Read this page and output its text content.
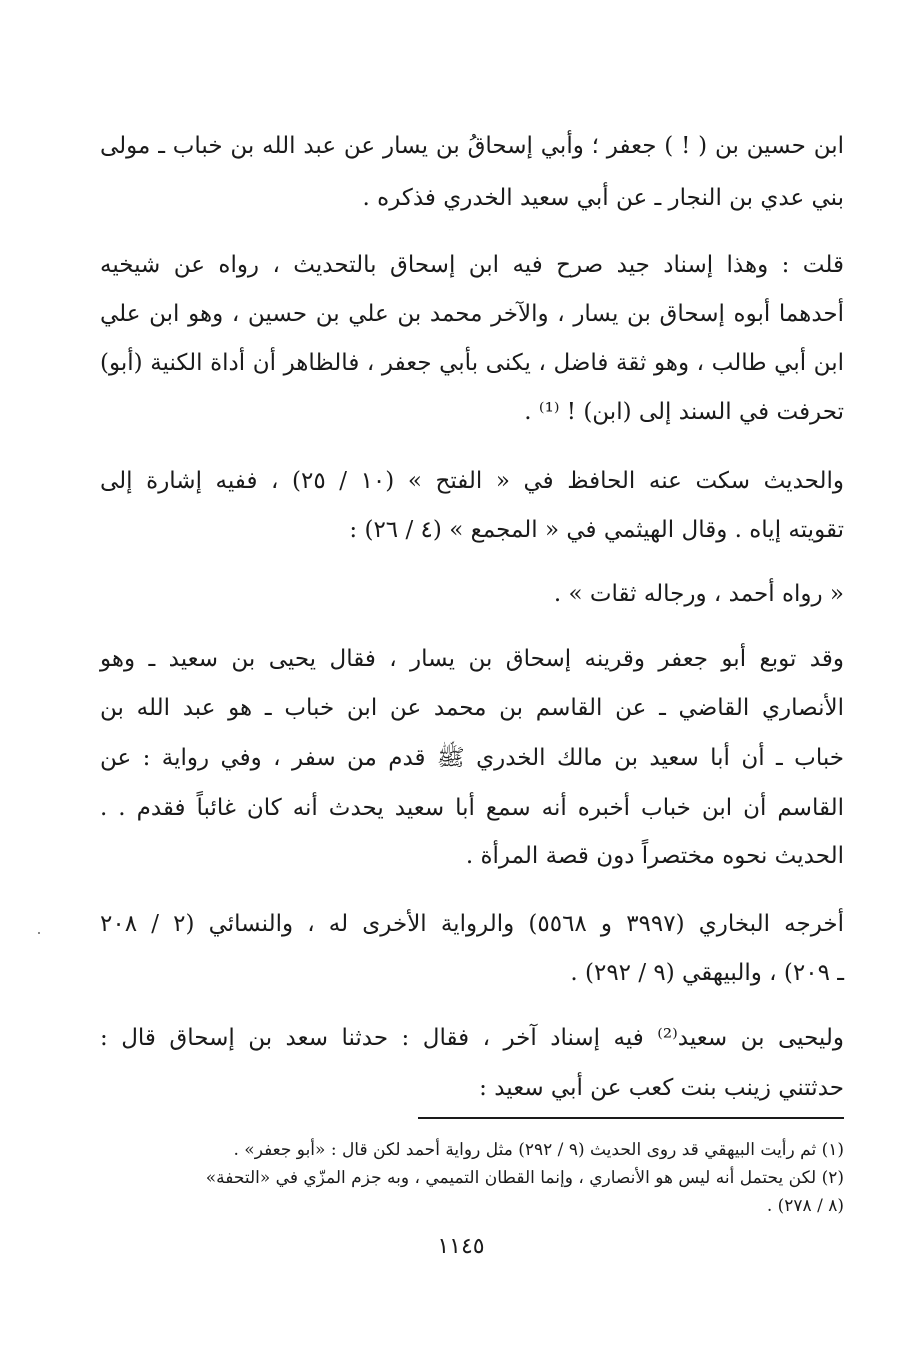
ابن حسين بن ( ! ) جعفر ؛ وأبي إسحاقُ بن يسار عن عبد الله بن خباب ـ مولى
بني عدي بن النجار ـ عن أبي سعيد الخدري فذكره .
قلت : وهذا إسناد جيد صرح فيه ابن إسحاق بالتحديث ، رواه عن شيخيه
أحدهما أبوه إسحاق بن يسار ، والآخر محمد بن علي بن حسين ، وهو ابن علي
ابن أبي طالب ، وهو ثقة فاضل ، يكنى بأبي جعفر ، فالظاهر أن أداة الكنية (أبو)
تحرفت في السند إلى (ابن) ! ⁽¹⁾ .
والحديث سكت عنه الحافظ في « الفتح » (١٠ / ٢٥) ، ففيه إشارة إلى
تقويته إياه . وقال الهيثمي في « المجمع » (٤ / ٢٦) :
« رواه أحمد ، ورجاله ثقات » .
وقد توبع أبو جعفر وقرينه إسحاق بن يسار ، فقال يحيى بن سعيد ـ وهو
الأنصاري القاضي ـ عن القاسم بن محمد عن ابن خباب ـ هو عبد الله بن
خباب ـ أن أبا سعيد بن مالك الخدري ﷺ قدم من سفر ، وفي رواية : عن
القاسم أن ابن خباب أخبره أنه سمع أبا سعيد يحدث أنه كان غائباً فقدم . .
الحديث نحوه مختصراً دون قصة المرأة .
أخرجه البخاري (٣٩٩٧ و ٥٥٦٨) والرواية الأخرى له ، والنسائي (٢ / ٢٠٨
ـ ٢٠٩) ، والبيهقي (٩ / ٢٩٢) .
وليحيى بن سعيد⁽²⁾ فيه إسناد آخر ، فقال : حدثنا سعد بن إسحاق قال :
حدثتني زينب بنت كعب عن أبي سعيد :
(١) ثم رأيت البيهقي قد روى الحديث (٩ / ٢٩٢) مثل رواية أحمد لكن قال : «أبو جعفر» .
(٢) لكن يحتمل أنه ليس هو الأنصاري ، وإنما القطان التميمي ، وبه جزم المزّي في «التحفة»
(٨ / ٢٧٨) .
١١٤٥
